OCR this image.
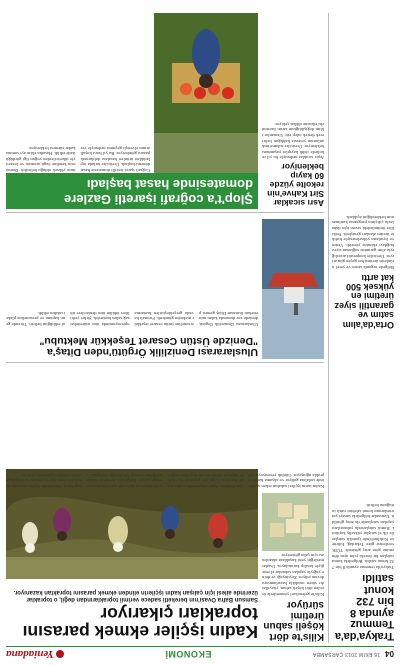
04
16 EKİM 2013 ÇARŞAMBA
EKONOMİ
Yeniadana
Trakya'da'a Temmuz ayında 8 bin 732 konut satıldı
Trakya'da temmuz ayında 8 bin 732 konut satıldı. Bölgedeki konut satışları bir önceki yılın aynı dönemine göre artış gösterdi. TÜİK verilerine göre Tekirdağ, Edirne ve Kırklareli'nde ipotekli satışlar ile ilk el satışlar yükseliş kaydetti. Konut satışlarında yabancılara yapılan satışlarda da artış görüldü. Uzmanlar bölgedeki sanayi yatırımlarının konut talebini canlı tuttuğunu belirtti.
Orta'da'alım satım ve garantili siyez üretimi en yüksek 500 kat arttı
Bölgede organik tarım ve yerel ürünlerin üretimi her geçen gün artıyor. Üreticiler kooperatif aracılığıyla alım garantisi sağlanan siyez buğdayı ekimine yöneldi. Verim ve fiyatların yükselmesiyle birlikte üretim alanları genişledi. Yetkililer önümüzdeki sezon için daha fazla çiftçinin programa katılmasının beklendiğini açıkladı.
Kilis'te dört köşeli sabun üretimi sürüyor
Kilis'te geleneksel yöntemlerle üretilen dört köşeli sabun, yüzyıllardır süren ustalıkla hazırlanmaya devam ediyor. Zeytinyağı ve defne yağıyla yapılan sabunlar el emeğiyle kesilip kurutuluyor. Ustalar mesleğin yeni kuşaklara aktarılması için çaba gösteriyor.
Kadın işçiler ekmek parasını toprakları çıkarıyor
Samsun Bafra Ovası'nın bereketli sadece verimli topraklarından değil, o topraklar üzerinde ailesi için çalışan kadın işçilerin elinden ekmek parasını topraktan kazanıyor.
Kadın tarım işçileri sabahın erken saatlerinde tarlalara gidiyor ve akşama kadar toprakla uğraşıyor. Günlük yevmiyeyle çalışan kadınlar hasat döneminde yoğun mesai harcıyor. Çoğu aile geçimini bu emekle sağlıyor. Kadınlar zor koşullara rağmen çocuklarının geleceği için çalışmaktan vazgeçmiyor. Bölgedeki üreticiler kadın emeğinin tarımın bel kemiği olduğunu vurguluyor. Mevsimlik işçiler arasında kadınların oranı her yıl artıyor ve sosyal güvence talepleri gündeme geliyor.
Uluslararası Denizlilik Örgütü'nden Ditaş'a "Denizde Üstün Cesaret Teşekkür Mektubu"
Uluslararası Denizcilik Örgütü, denizde zor durumda kalan mürettebatı kurtaran Ditaş gemisi personeline üstün cesaret teşekkür mektubu gönderdi. Fırtınalı havada gerçekleştirilen kurtarma operasyonunda tüm mürettebat sağ salim kurtarıldı. Şirket yetkilileri ödülün tüm denizcilere ithaf edildiğini belirtti. Törende gemi kaptanı ve personeline plaket takdim edildi.
Şlop't'a coğrafi işaretli Gazlere domatesinde hasat başladı
Coğrafi işaret tescilli domateste hasat dönemi başladı. Üreticiler tarlada topladıkları ürünleri kasalara doldurarak pazara gönderiyor. Bu yıl hava koşullarının elverişli geçmesi nedeniyle verimin yüksek olduğu belirtildi. Domatesin kendine özgü aroması ve lezzetiyle tüketicilerden yoğun ilgi gördüğü ifade edildi. Hasadın ekim ayı sonuna kadar sürmesi bekleniyor.
Asrı sıcaklar Sirt Kahve'nin rekolte yüzde 60 kayıp bekleniyor
Aşırı sıcaklar nedeniyle bu yıl rekoltede ciddi kayıplar yaşanması bekleniyor. Üreticiler sulama imkanlarının yetersiz kaldığını belirterek destek talep etti. Uzmanlar iklim değişikliğinin tarım üzerindeki etkisine dikkat çekiyor.
